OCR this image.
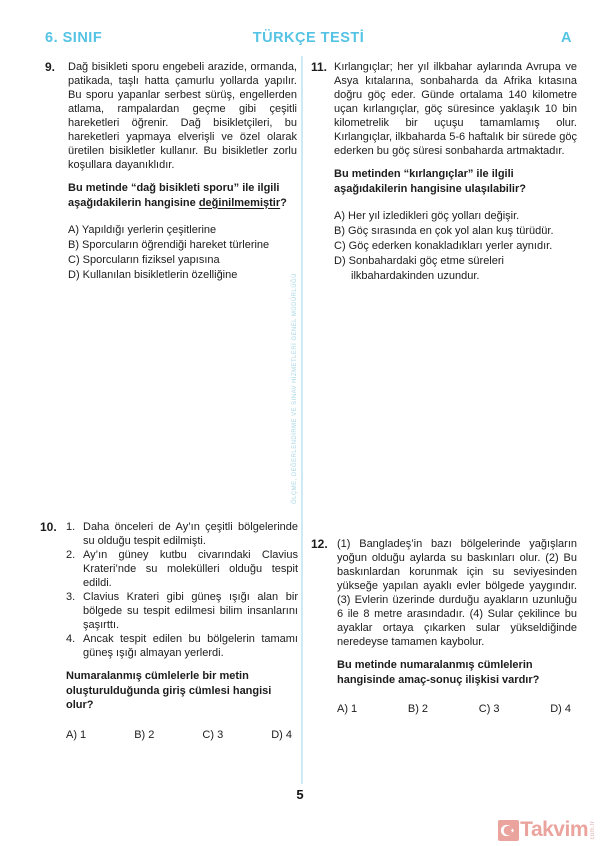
6. SINIF	TÜRKÇE TESTİ	A
ÖLÇME, DEĞERLENDİRME VE SINAV HİZMETLERİ GENEL MÜDÜRLÜĞÜ
9.	Dağ bisikleti sporu engebeli arazide, ormanda, patikada, taşlı hatta çamurlu yollarda yapılır. Bu sporu yapanlar serbest sürüş, engellerden atlama, rampalardan geçme gibi çeşitli hareketleri öğrenir. Dağ bisikletçileri, bu hareketleri yapmaya elverişli ve özel olarak üretilen bisikletler kullanır. Bu bisikletler zorlu koşullara dayanıklıdır.

Bu metinde “dağ bisikleti sporu” ile ilgili aşağıdakilerin hangisine değinilmemiştir?

A) Yapıldığı yerlerin çeşitlerine
B) Sporcuların öğrendiği hareket türlerine
C) Sporcuların fiziksel yapısına
D) Kullanılan bisikletlerin özelliğine
10. 1. Daha önceleri de Ay’ın çeşitli bölgelerinde su olduğu tespit edilmişti.
2. Ay’ın güney kutbu civarındaki Clavius Krateri’nde su molekülleri olduğu tespit edildi.
3. Clavius Krateri gibi güneş ışığı alan bir bölgede su tespit edilmesi bilim insanlarını şaşırttı.
4. Ancak tespit edilen bu bölgelerin tamamı güneş ışığı almayan yerlerdi.

Numaralanmış cümlelerle bir metin oluşturulduğunda giriş cümlesi hangisi olur?

A) 1	B) 2	C) 3	D) 4
11. Kırlangıçlar; her yıl ilkbahar aylarında Avrupa ve Asya kıtalarına, sonbaharda da Afrika kıtasına doğru göç eder. Günde ortalama 140 kilometre uçan kırlangıçlar, göç süresince yaklaşık 10 bin kilometrelik bir uçuşu tamamlamış olur. Kırlangıçlar, ilkbaharda 5-6 haftalık bir sürede göç ederken bu göç süresi sonbaharda artmaktadır.

Bu metinden “kırlangıçlar” ile ilgili aşağıdakilerin hangisine ulaşılabilir?

A) Her yıl izledikleri göç yolları değişir.
B) Göç sırasında en çok yol alan kuş türüdür.
C) Göç ederken konakladıkları yerler aynıdır.
D) Sonbahardaki göç etme süreleri ilkbahardakinden uzundur.
12. (1) Bangladeş’in bazı bölgelerinde yağışların yoğun olduğu aylarda su baskınları olur. (2) Bu baskınlardan korunmak için su seviyesinden yükseğe yapılan ayaklı evler bölgede yaygındır. (3) Evlerin üzerinde durduğu ayakların uzunluğu 6 ile 8 metre arasındadır. (4) Sular çekilince bu ayaklar ortaya çıkarken sular yükseldiğinde neredeyse tamamen kaybolur.

Bu metinde numaralanmış cümlelerin hangisinde amaç-sonuç ilişkisi vardır?

A) 1	B) 2	C) 3	D) 4
5
Takvim com.tr
